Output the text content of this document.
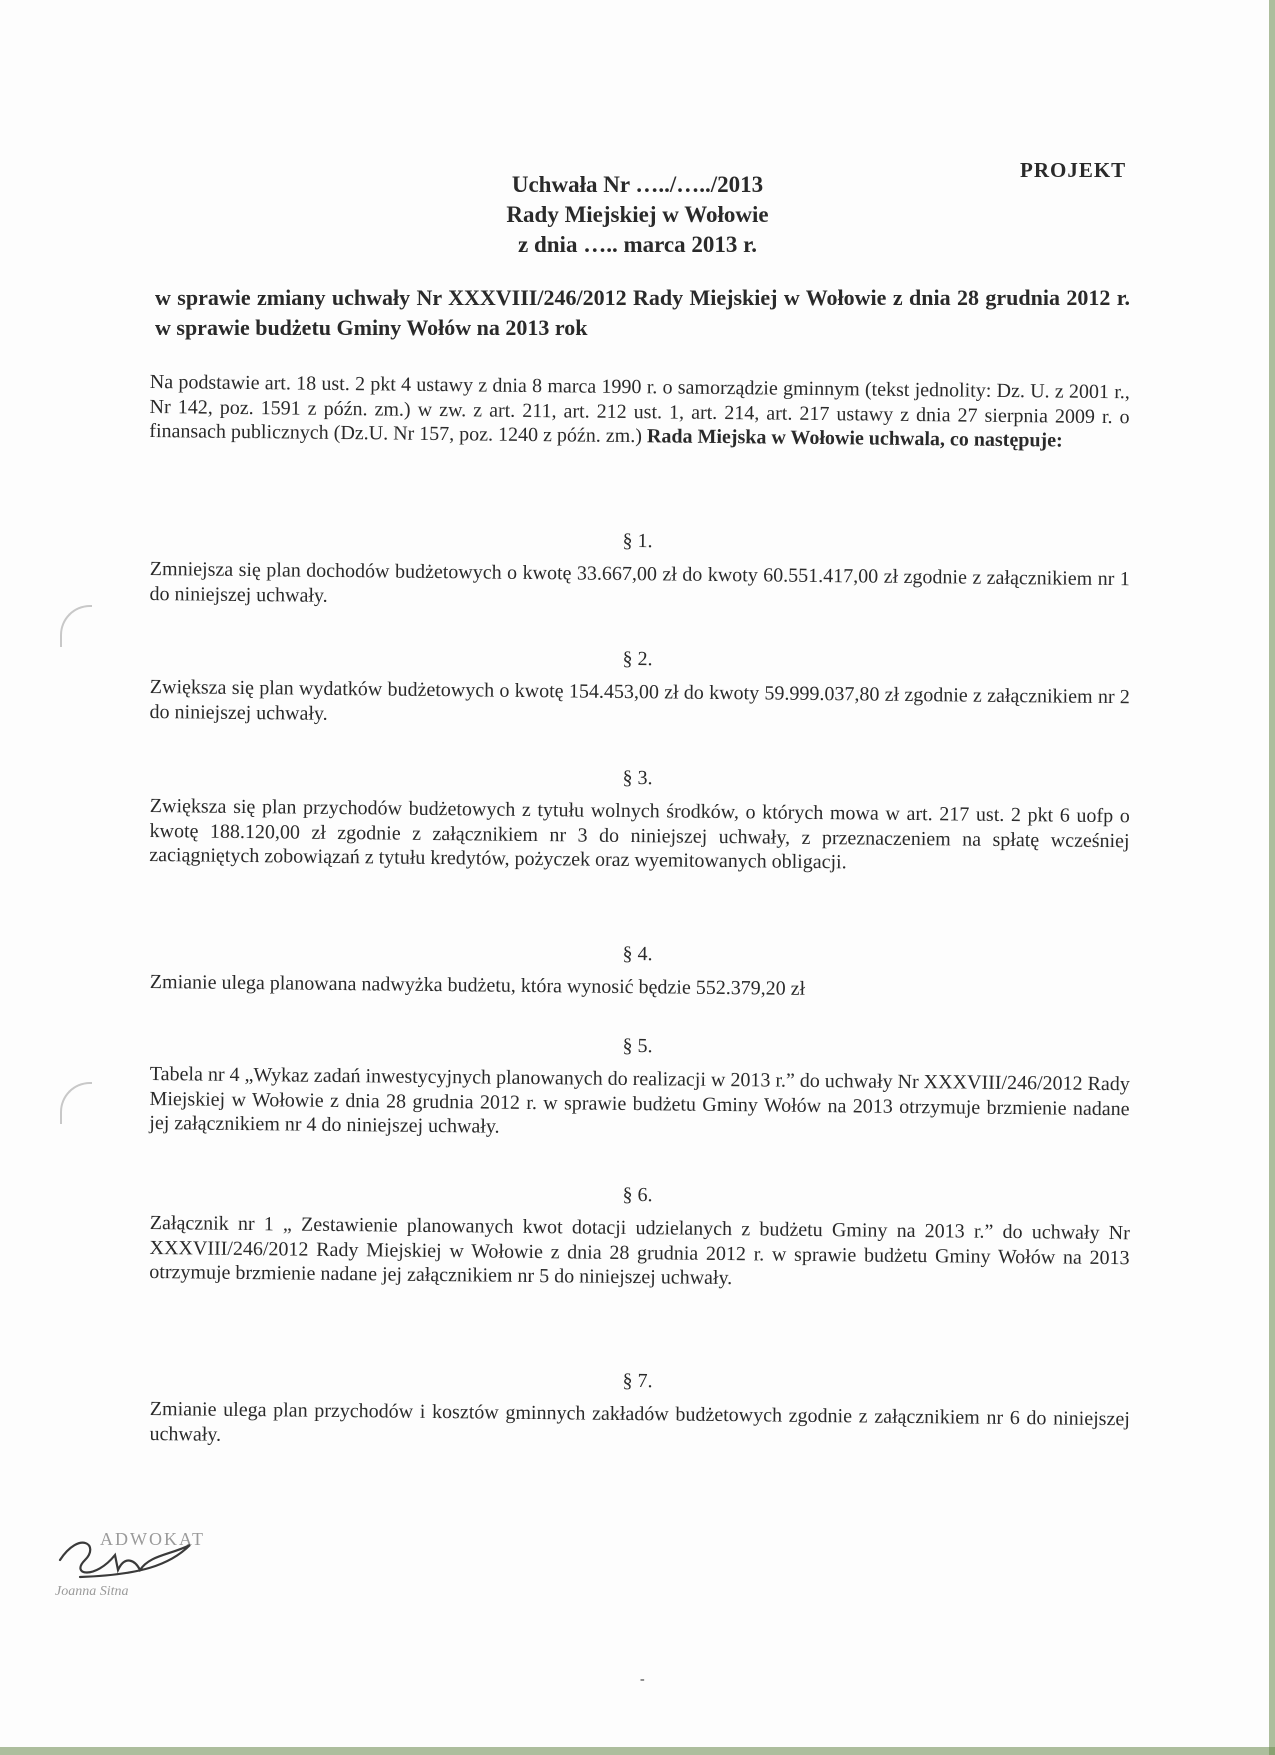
PROJEKT
Uchwała Nr …../…../2013
Rady Miejskiej w Wołowie
z dnia ….. marca 2013 r.
w sprawie zmiany uchwały Nr XXXVIII/246/2012 Rady Miejskiej w Wołowie z dnia 28 grudnia 2012 r. w sprawie budżetu Gminy Wołów na 2013 rok
Na podstawie art. 18 ust. 2 pkt 4 ustawy z dnia 8 marca 1990 r. o samorządzie gminnym (tekst jednolity: Dz. U. z 2001 r., Nr 142, poz. 1591 z późn. zm.) w zw. z art. 211, art. 212 ust. 1, art. 214, art. 217 ustawy z dnia 27 sierpnia 2009 r. o finansach publicznych (Dz.U. Nr 157, poz. 1240 z późn. zm.) Rada Miejska w Wołowie uchwala, co następuje:
§ 1.
Zmniejsza się plan dochodów budżetowych o kwotę 33.667,00 zł do kwoty 60.551.417,00 zł zgodnie z załącznikiem nr 1 do niniejszej uchwały.
§ 2.
Zwiększa się plan wydatków budżetowych o kwotę 154.453,00 zł do kwoty 59.999.037,80 zł zgodnie z załącznikiem nr 2 do niniejszej uchwały.
§ 3.
Zwiększa się plan przychodów budżetowych z tytułu wolnych środków, o których mowa w art. 217 ust. 2 pkt 6 uofp o kwotę 188.120,00 zł zgodnie z załącznikiem nr 3 do niniejszej uchwały, z przeznaczeniem na spłatę wcześniej zaciągniętych zobowiązań z tytułu kredytów, pożyczek oraz wyemitowanych obligacji.
§ 4.
Zmianie ulega planowana nadwyżka budżetu, która wynosić będzie 552.379,20 zł
§ 5.
Tabela nr 4 „Wykaz zadań inwestycyjnych planowanych do realizacji w 2013 r.” do uchwały Nr XXXVIII/246/2012 Rady Miejskiej w Wołowie z dnia 28 grudnia 2012 r. w sprawie budżetu Gminy Wołów na 2013 otrzymuje brzmienie nadane jej załącznikiem nr 4 do niniejszej uchwały.
§ 6.
Załącznik nr 1 „ Zestawienie planowanych kwot dotacji udzielanych z budżetu Gminy na 2013 r.” do uchwały Nr XXXVIII/246/2012 Rady Miejskiej w Wołowie z dnia 28 grudnia 2012 r. w sprawie budżetu Gminy Wołów na 2013 otrzymuje brzmienie nadane jej załącznikiem nr 5 do niniejszej uchwały.
§ 7.
Zmianie ulega plan przychodów i kosztów gminnych zakładów budżetowych zgodnie z załącznikiem nr 6 do niniejszej uchwały.
ADWOKAT
Joanna Sitna
-
